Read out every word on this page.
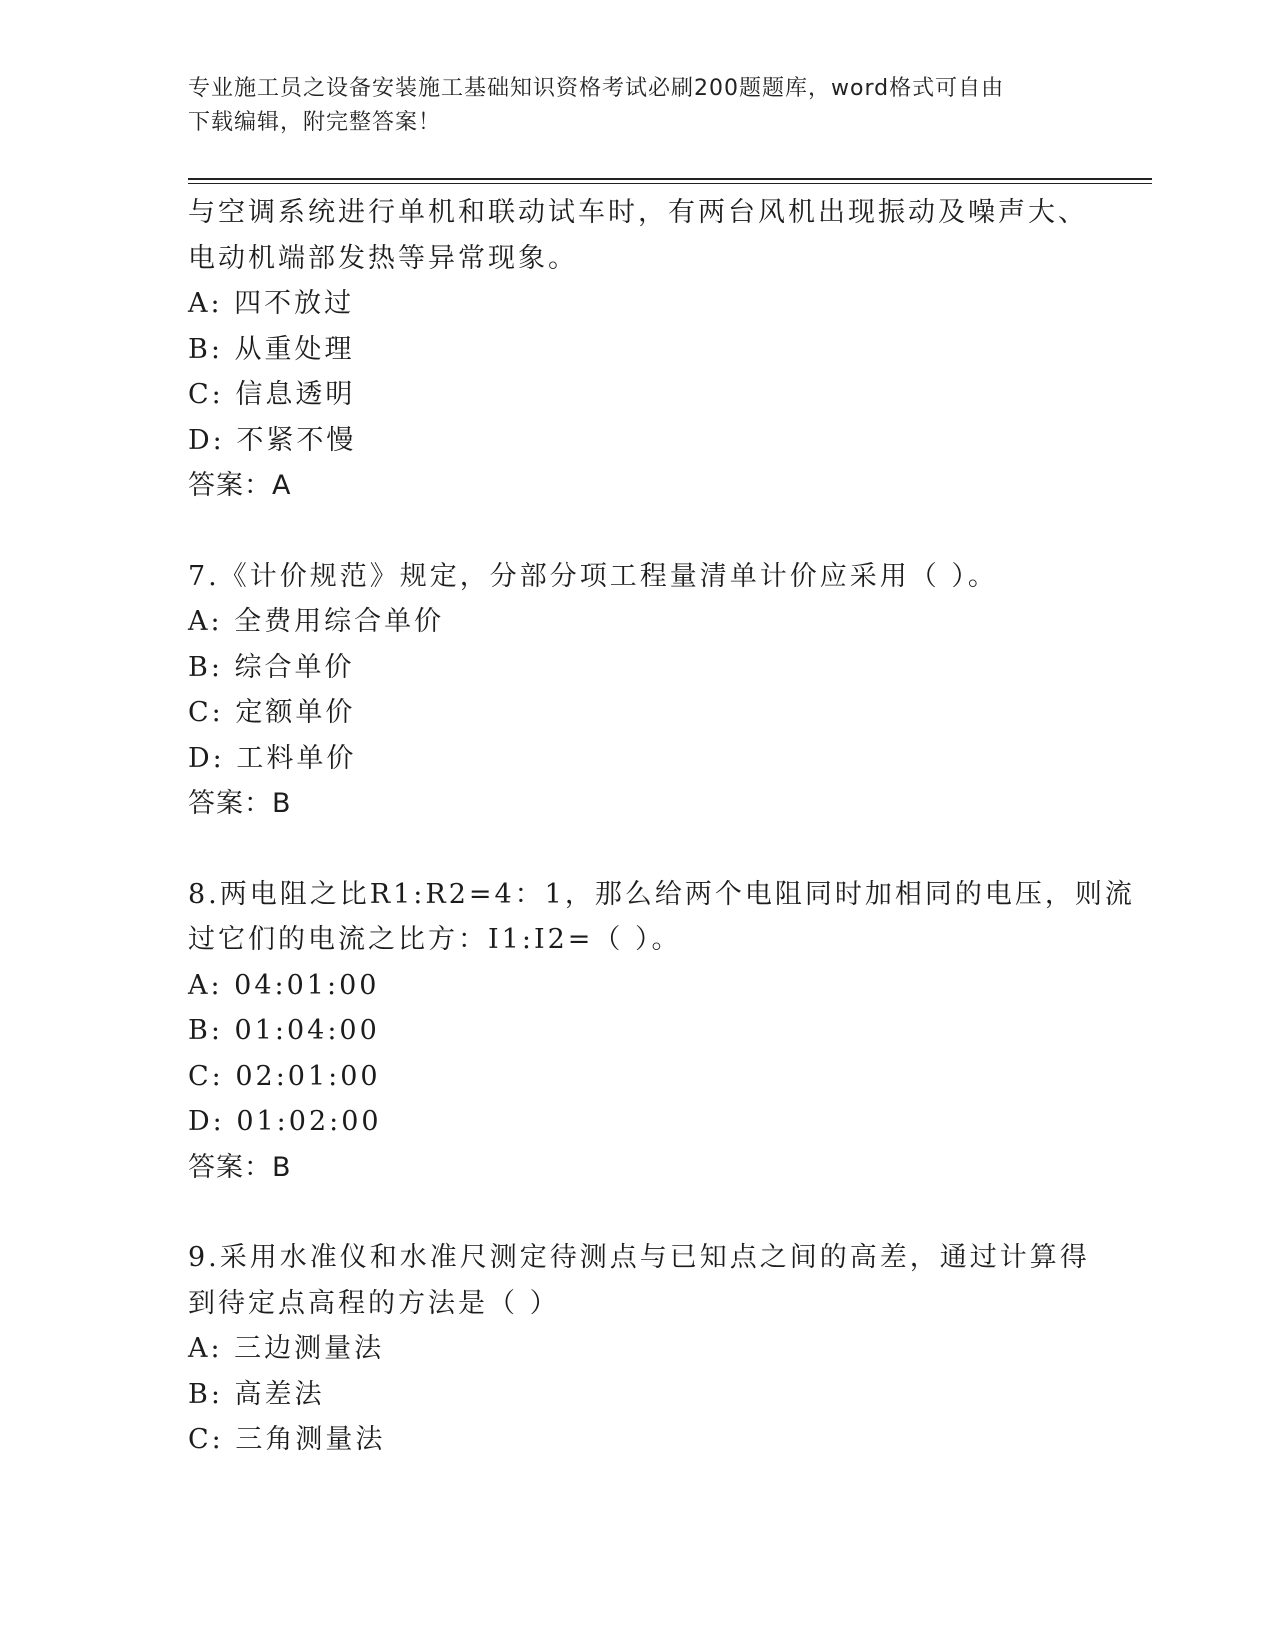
专业施工员之设备安装施工基础知识资格考试必刷200题题库，word格式可自由
下载编辑，附完整答案！
与空调系统进行单机和联动试车时，有两台风机出现振动及噪声大、
电动机端部发热等异常现象。
A: 四不放过
B: 从重处理
C: 信息透明
D: 不紧不慢
答案：A
7.《计价规范》规定，分部分项工程量清单计价应采用（ ）。
A: 全费用综合单价
B: 综合单价
C: 定额单价
D: 工料单价
答案：B
8.两电阻之比R1:R2=4：1，那么给两个电阻同时加相同的电压，则流
过它们的电流之比方：I1:I2=（ ）。
A: 04:01:00
B: 01:04:00
C: 02:01:00
D: 01:02:00
答案：B
9.采用水准仪和水准尺测定待测点与已知点之间的高差，通过计算得
到待定点高程的方法是（ ）
A: 三边测量法
B: 高差法
C: 三角测量法
